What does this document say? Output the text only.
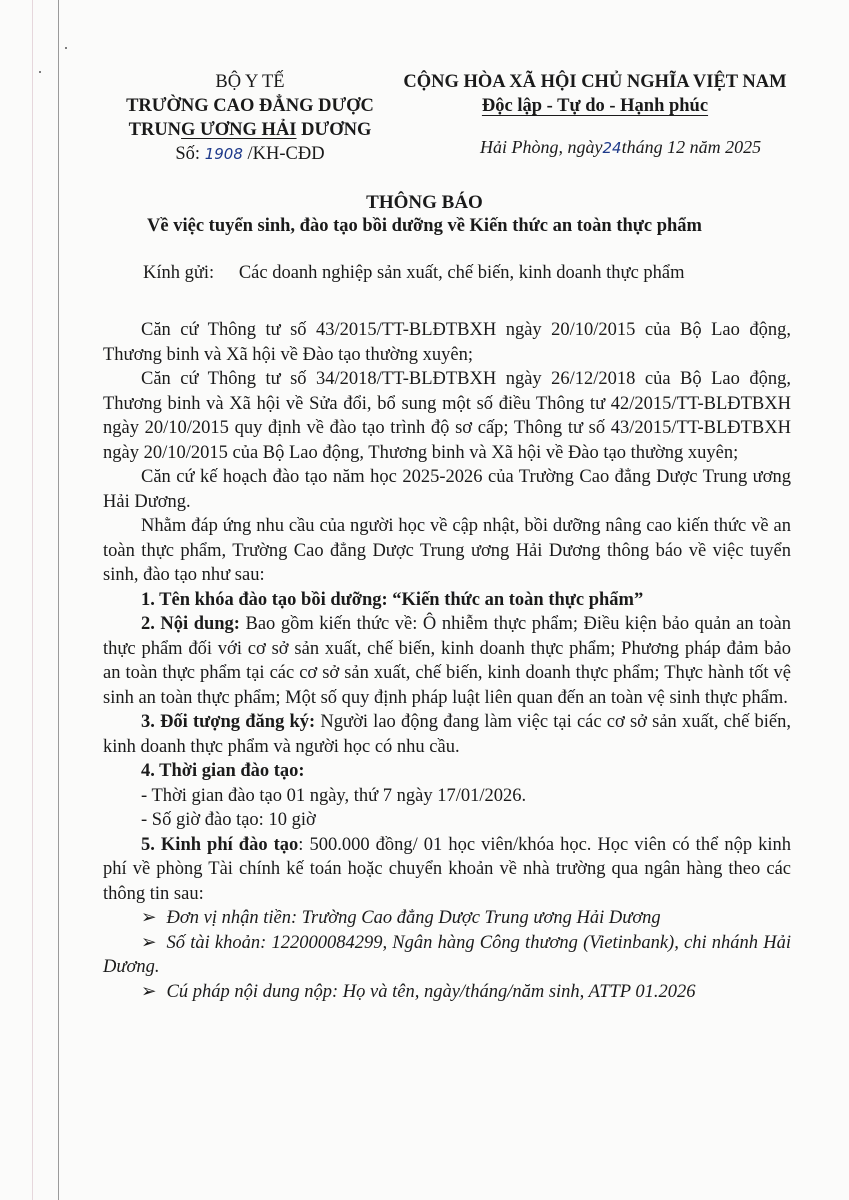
BỘ Y TẾ
TRƯỜNG CAO ĐẲNG DƯỢC
TRUNG ƯƠNG HẢI DƯƠNG
Số: 1908 /KH-CĐD
CỘNG HÒA XÃ HỘI CHỦ NGHĨA VIỆT NAM
Độc lập - Tự do - Hạnh phúc
Hải Phòng, ngày24tháng 12 năm 2025
THÔNG BÁO
Về việc tuyển sinh, đào tạo bồi dưỡng về Kiến thức an toàn thực phẩm
Kính gửi: Các doanh nghiệp sản xuất, chế biến, kinh doanh thực phẩm

Căn cứ Thông tư số 43/2015/TT-BLĐTBXH ngày 20/10/2015 của Bộ Lao động, Thương binh và Xã hội về Đào tạo thường xuyên;

Căn cứ Thông tư số 34/2018/TT-BLĐTBXH ngày 26/12/2018 của Bộ Lao động, Thương binh và Xã hội về Sửa đổi, bổ sung một số điều Thông tư 42/2015/TT-BLĐTBXH ngày 20/10/2015 quy định về đào tạo trình độ sơ cấp; Thông tư số 43/2015/TT-BLĐTBXH ngày 20/10/2015 của Bộ Lao động, Thương binh và Xã hội về Đào tạo thường xuyên;

Căn cứ kế hoạch đào tạo năm học 2025-2026 của Trường Cao đẳng Dược Trung ương Hải Dương.

Nhằm đáp ứng nhu cầu của người học về cập nhật, bồi dưỡng nâng cao kiến thức về an toàn thực phẩm, Trường Cao đẳng Dược Trung ương Hải Dương thông báo về việc tuyển sinh, đào tạo như sau:

1. Tên khóa đào tạo bồi dưỡng: “Kiến thức an toàn thực phẩm”

2. Nội dung: Bao gồm kiến thức về: Ô nhiễm thực phẩm; Điều kiện bảo quản an toàn thực phẩm đối với cơ sở sản xuất, chế biến, kinh doanh thực phẩm; Phương pháp đảm bảo an toàn thực phẩm tại các cơ sở sản xuất, chế biến, kinh doanh thực phẩm; Thực hành tốt vệ sinh an toàn thực phẩm; Một số quy định pháp luật liên quan đến an toàn vệ sinh thực phẩm.

3. Đối tượng đăng ký: Người lao động đang làm việc tại các cơ sở sản xuất, chế biến, kinh doanh thực phẩm và người học có nhu cầu.

4. Thời gian đào tạo:

- Thời gian đào tạo 01 ngày, thứ 7 ngày 17/01/2026.

- Số giờ đào tạo: 10 giờ

5. Kinh phí đào tạo: 500.000 đồng/ 01 học viên/khóa học. Học viên có thể nộp kinh phí về phòng Tài chính kế toán hoặc chuyển khoản về nhà trường qua ngân hàng theo các thông tin sau:

➢ Đơn vị nhận tiền: Trường Cao đẳng Dược Trung ương Hải Dương

➢ Số tài khoản: 122000084299, Ngân hàng Công thương (Vietinbank), chi nhánh Hải Dương.

➢ Cú pháp nội dung nộp: Họ và tên, ngày/tháng/năm sinh, ATTP 01.2026
